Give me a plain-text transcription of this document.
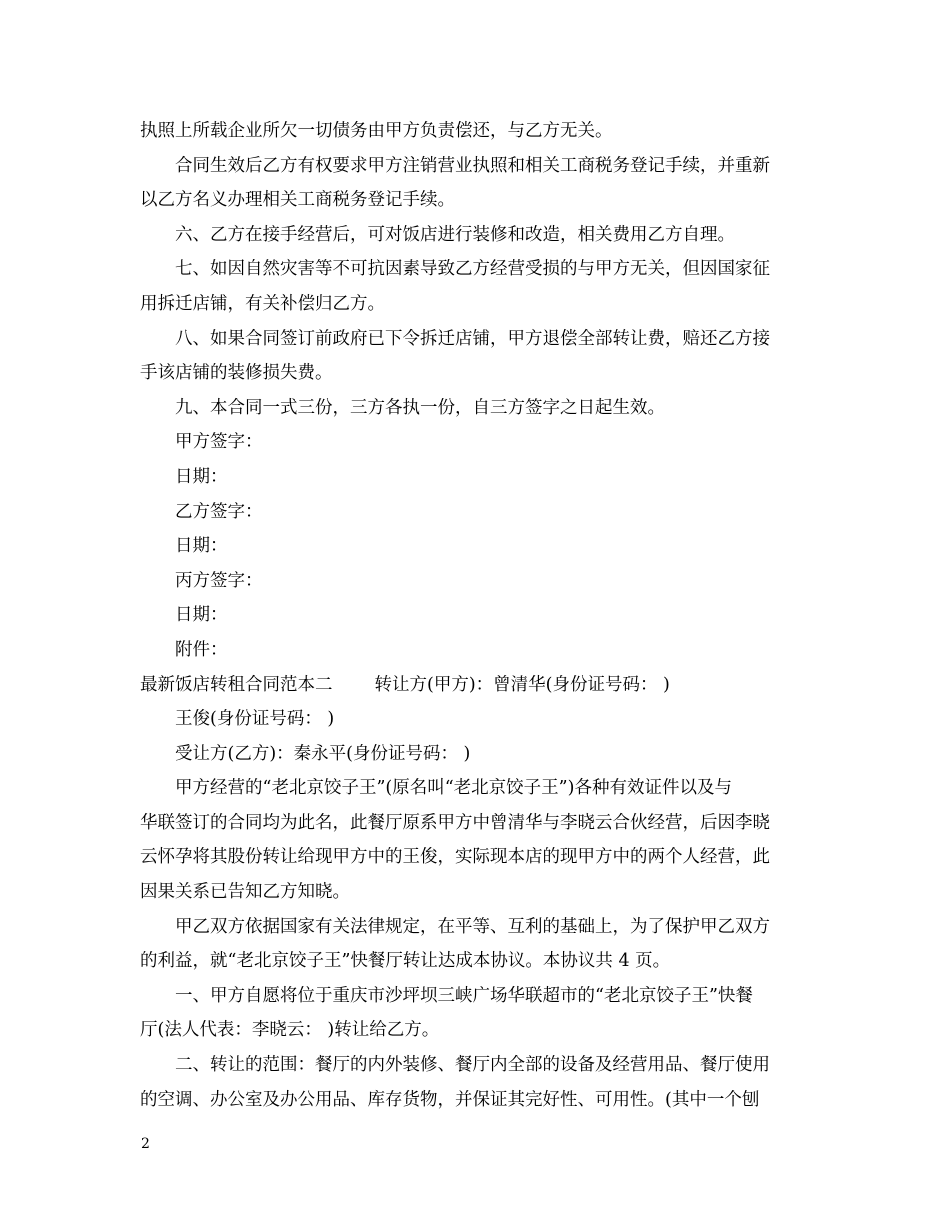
执照上所载企业所欠一切债务由甲方负责偿还，与乙方无关。

合同生效后乙方有权要求甲方注销营业执照和相关工商税务登记手续，并重新

以乙方名义办理相关工商税务登记手续。

六、乙方在接手经营后，可对饭店进行装修和改造，相关费用乙方自理。

七、如因自然灾害等不可抗因素导致乙方经营受损的与甲方无关，但因国家征

用拆迁店铺，有关补偿归乙方。

八、如果合同签订前政府已下令拆迁店铺，甲方退偿全部转让费，赔还乙方接

手该店铺的装修损失费。

九、本合同一式三份，三方各执一份，自三方签字之日起生效。

甲方签字：

日期：

乙方签字：

日期：

丙方签字：

日期：

附件：

最新饭店转租合同范本二 转让方(甲方)：曾清华(身份证号码： )

王俊(身份证号码： )

受让方(乙方)：秦永平(身份证号码： )

甲方经营的“老北京饺子王”(原名叫“老北京饺子王”)各种有效证件以及与

华联签订的合同均为此名，此餐厅原系甲方中曾清华与李晓云合伙经营，后因李晓

云怀孕将其股份转让给现甲方中的王俊，实际现本店的现甲方中的两个人经营，此

因果关系已告知乙方知晓。

甲乙双方依据国家有关法律规定，在平等、互利的基础上，为了保护甲乙双方

的利益，就“老北京饺子王”快餐厅转让达成本协议。本协议共 4 页。

一、甲方自愿将位于重庆市沙坪坝三峡广场华联超市的“老北京饺子王”快餐

厅(法人代表：李晓云： )转让给乙方。

二、转让的范围：餐厅的内外装修、餐厅内全部的设备及经营用品、餐厅使用

的空调、办公室及办公用品、库存货物，并保证其完好性、可用性。(其中一个刨

2
